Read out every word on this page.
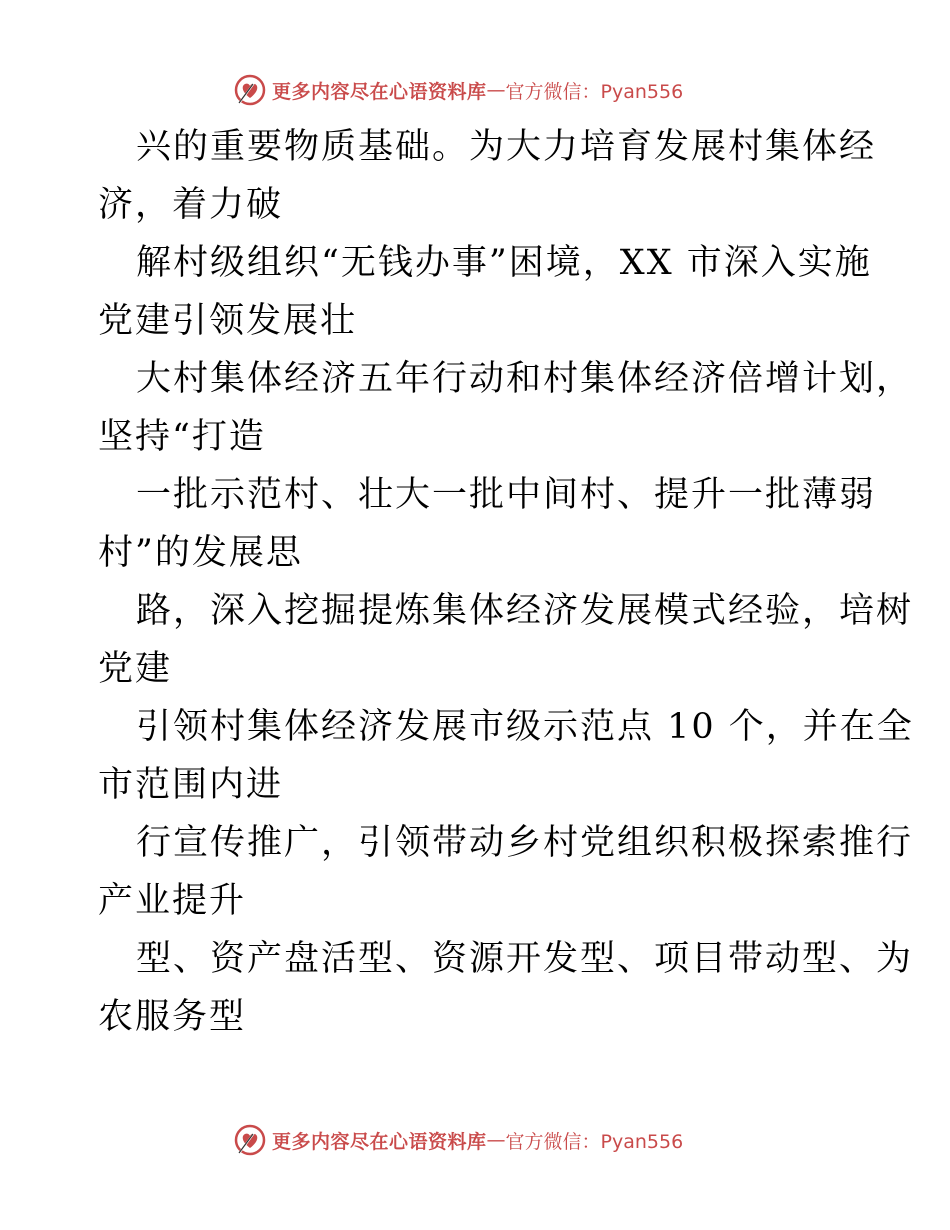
更多内容尽在心语资料库 — 官方微信：Pyan556
兴的重要物质基础。为大力培育发展村集体经
济，着力破
解村级组织“无钱办事”困境，XX 市深入实施
党建引领发展壮
大村集体经济五年行动和村集体经济倍增计划，
坚持“打造
一批示范村、壮大一批中间村、提升一批薄弱
村”的发展思
路，深入挖掘提炼集体经济发展模式经验，培树
党建
引领村集体经济发展市级示范点 10 个，并在全
市范围内进
行宣传推广，引领带动乡村党组织积极探索推行
产业提升
型、资产盘活型、资源开发型、项目带动型、为
农服务型
更多内容尽在心语资料库 — 官方微信：Pyan556
